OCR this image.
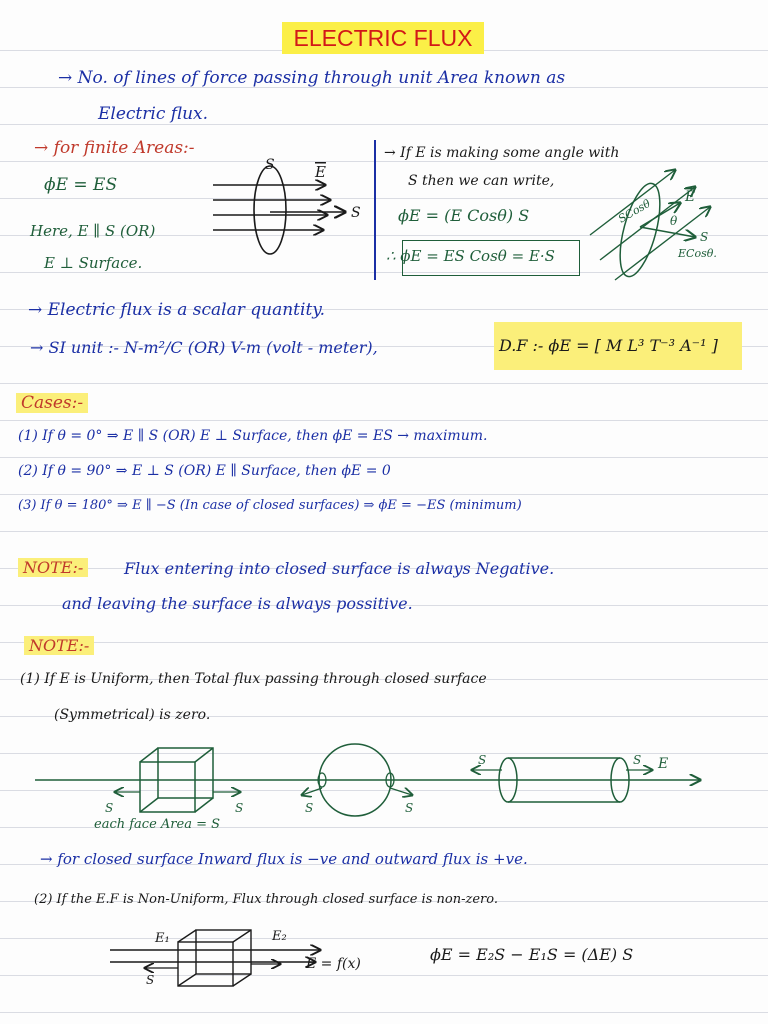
ELECTRIC FLUX
→ No. of lines of force passing through unit Area known as
Electric flux.
→ for finite Areas:-
ϕE = ES
Here, E ∥ S (OR)
E ⊥ Surface.
S	E
S
→ If E is making some angle with
S then we can write,
ϕE = (E Cosθ) S
∴ ϕE = ES Cosθ = E·S
SCosθ θ
E
S
ECosθ.
→ Electric flux is a scalar quantity.
→ SI unit :- N-m²/C (OR) V-m (volt - meter),	D.F :- ϕE = [ M L³ T⁻³ A⁻¹ ]
Cases:-
(1) If θ = 0° ⇒ E ∥ S (OR) E ⊥ Surface, then ϕE = ES → maximum.
(2) If θ = 90° ⇒ E ⊥ S (OR) E ∥ Surface, then ϕE = 0
(3) If θ = 180° ⇒ E ∥ −S (In case of closed surfaces) ⇒ ϕE = −ES (minimum)
NOTE:-	Flux entering into closed surface is always Negative.
and leaving the surface is always possitive.
NOTE:-
(1) If E is Uniform, then Total flux passing through closed surface
(Symmetrical) is zero.
S	S	S	S
S	S E
each face Area = S
→ for closed surface Inward flux is −ve and outward flux is +ve.
(2) If the E.F is Non-Uniform, Flux through closed surface is non-zero.
E₁	E₂
S
E = f(x)	ϕE = E₂S − E₁S = (ΔE) S
